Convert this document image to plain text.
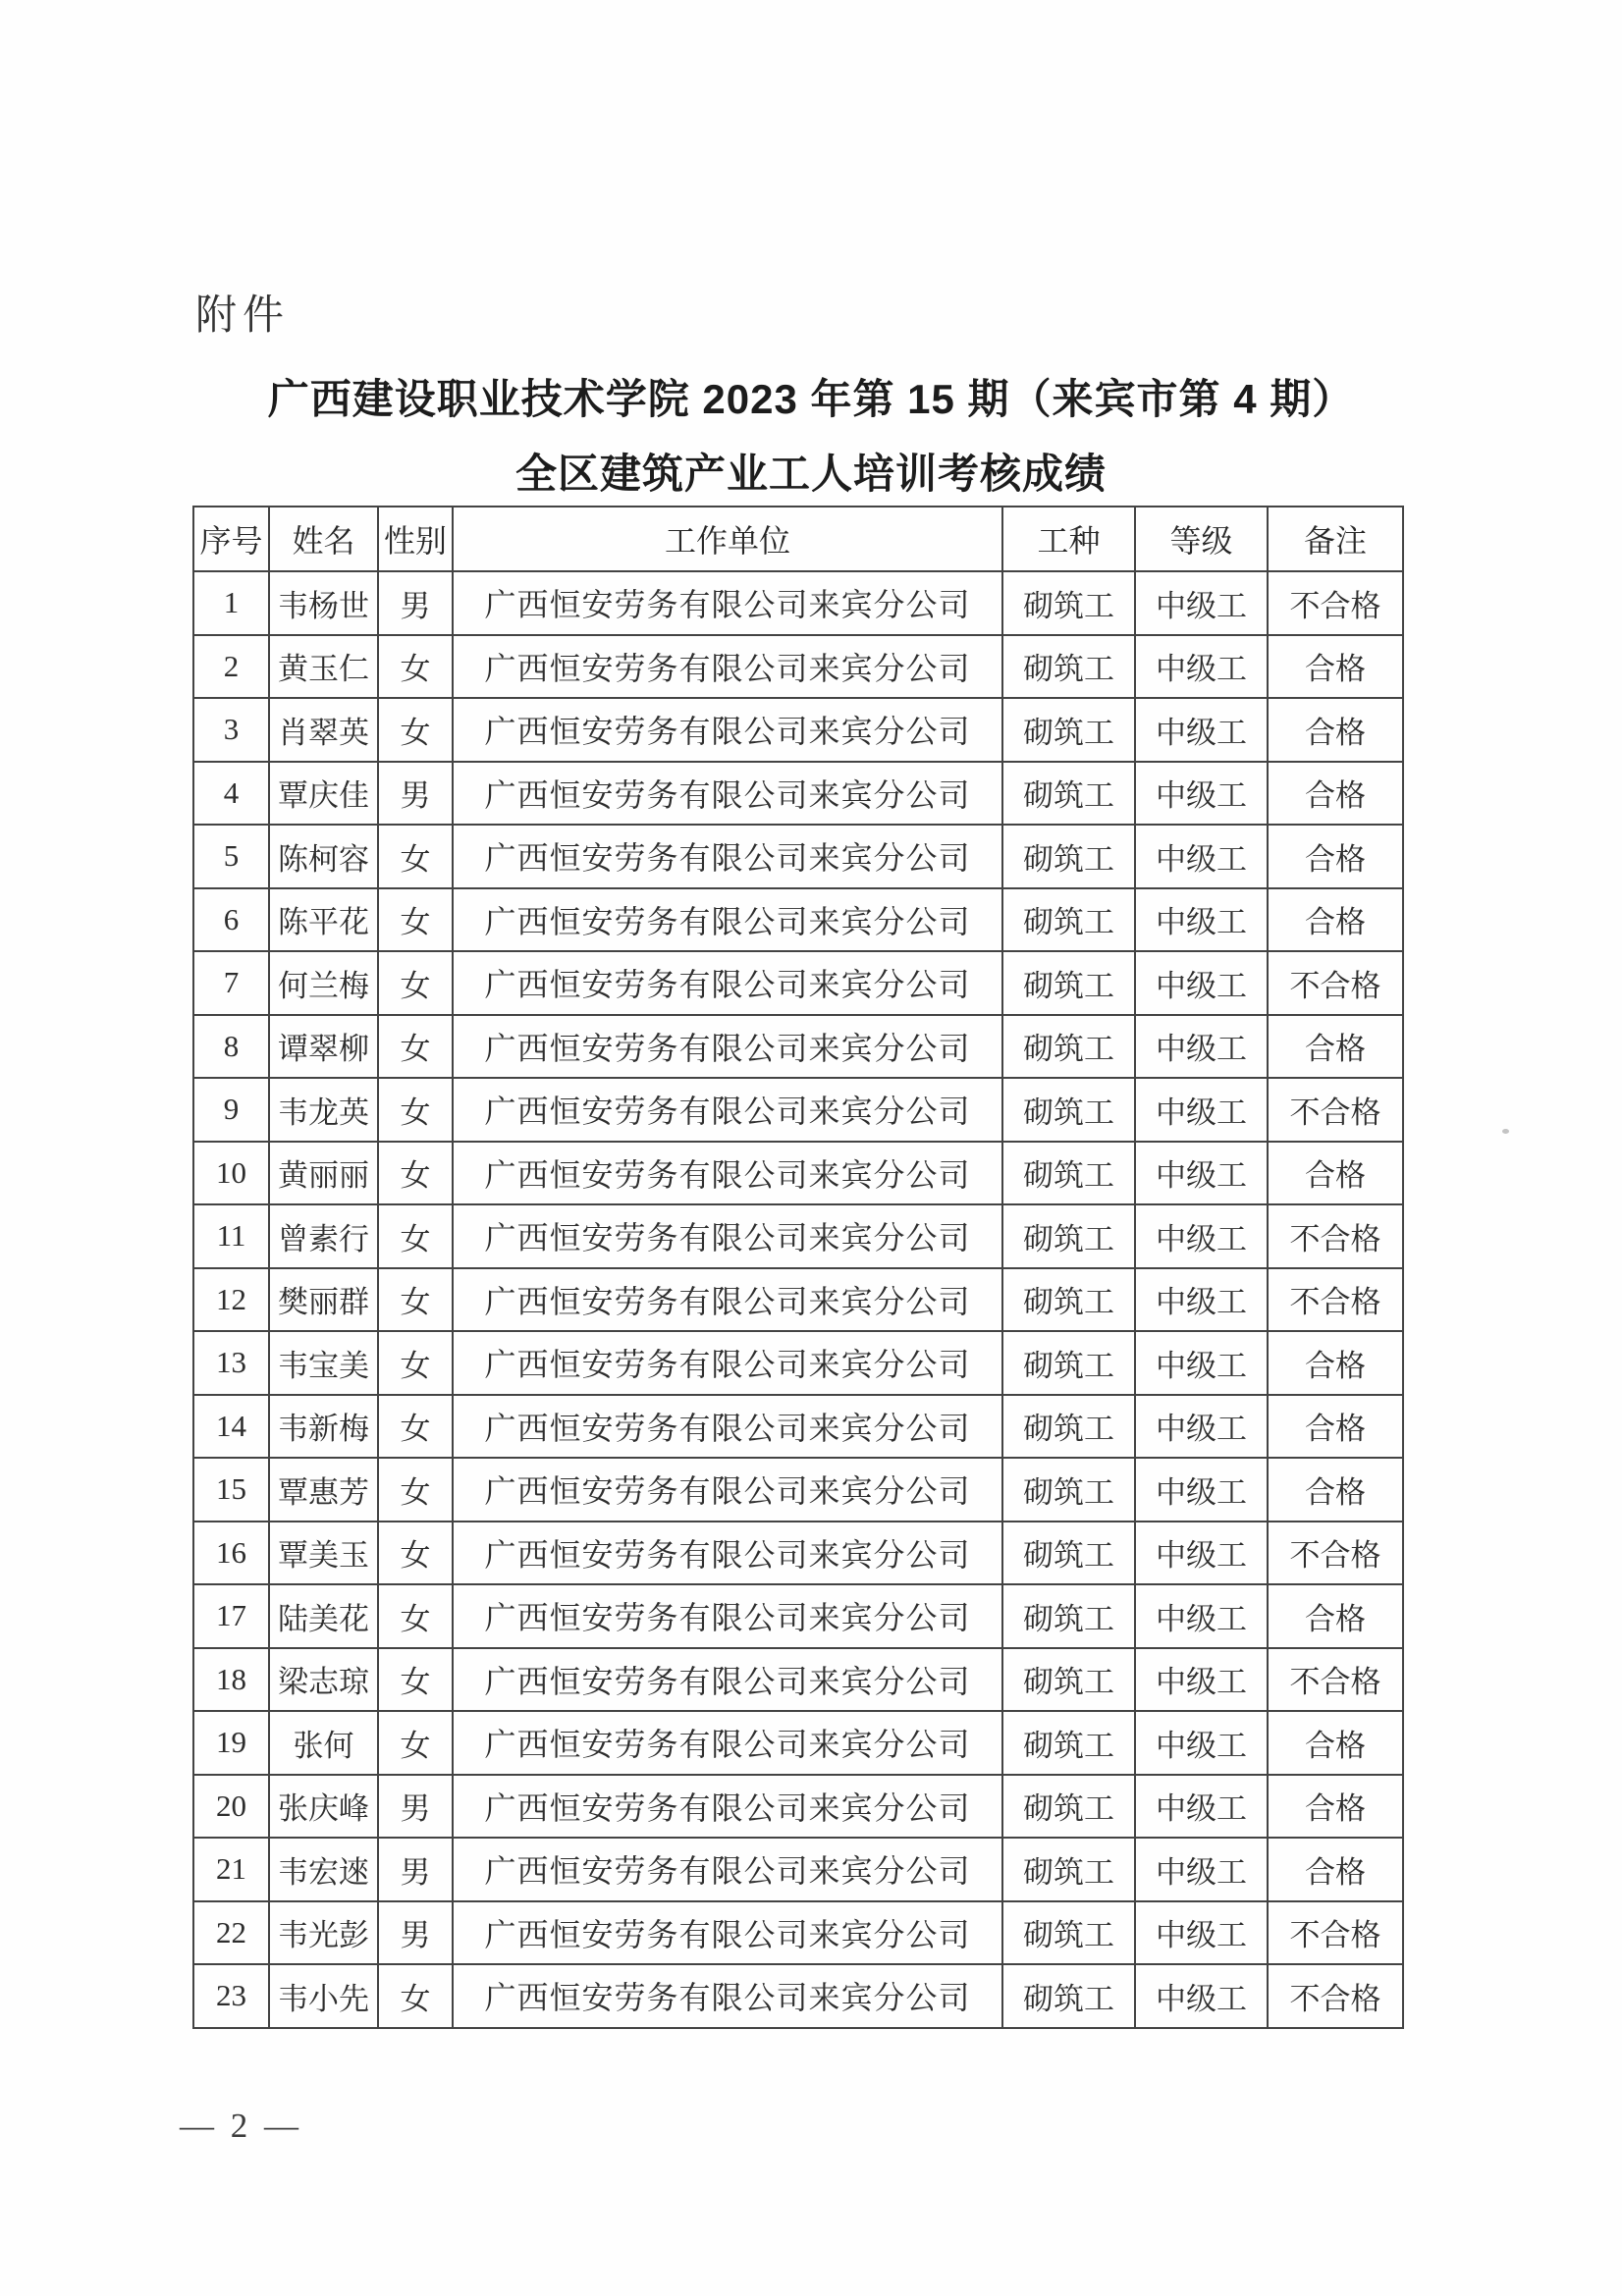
附件
广西建设职业技术学院 2023 年第 15 期（来宾市第 4 期）
全区建筑产业工人培训考核成绩
序号	姓名	性别	工作单位	工种	等级	备注
1	韦杨世	男	广西恒安劳务有限公司来宾分公司	砌筑工	中级工	不合格
2	黄玉仁	女	广西恒安劳务有限公司来宾分公司	砌筑工	中级工	合格
3	肖翠英	女	广西恒安劳务有限公司来宾分公司	砌筑工	中级工	合格
4	覃庆佳	男	广西恒安劳务有限公司来宾分公司	砌筑工	中级工	合格
5	陈柯容	女	广西恒安劳务有限公司来宾分公司	砌筑工	中级工	合格
6	陈平花	女	广西恒安劳务有限公司来宾分公司	砌筑工	中级工	合格
7	何兰梅	女	广西恒安劳务有限公司来宾分公司	砌筑工	中级工	不合格
8	谭翠柳	女	广西恒安劳务有限公司来宾分公司	砌筑工	中级工	合格
9	韦龙英	女	广西恒安劳务有限公司来宾分公司	砌筑工	中级工	不合格
10	黄丽丽	女	广西恒安劳务有限公司来宾分公司	砌筑工	中级工	合格
11	曾素行	女	广西恒安劳务有限公司来宾分公司	砌筑工	中级工	不合格
12	樊丽群	女	广西恒安劳务有限公司来宾分公司	砌筑工	中级工	不合格
13	韦宝美	女	广西恒安劳务有限公司来宾分公司	砌筑工	中级工	合格
14	韦新梅	女	广西恒安劳务有限公司来宾分公司	砌筑工	中级工	合格
15	覃惠芳	女	广西恒安劳务有限公司来宾分公司	砌筑工	中级工	合格
16	覃美玉	女	广西恒安劳务有限公司来宾分公司	砌筑工	中级工	不合格
17	陆美花	女	广西恒安劳务有限公司来宾分公司	砌筑工	中级工	合格
18	梁志琼	女	广西恒安劳务有限公司来宾分公司	砌筑工	中级工	不合格
19	张何	女	广西恒安劳务有限公司来宾分公司	砌筑工	中级工	合格
20	张庆峰	男	广西恒安劳务有限公司来宾分公司	砌筑工	中级工	合格
21	韦宏逨	男	广西恒安劳务有限公司来宾分公司	砌筑工	中级工	合格
22	韦光彭	男	广西恒安劳务有限公司来宾分公司	砌筑工	中级工	不合格
23	韦小先	女	广西恒安劳务有限公司来宾分公司	砌筑工	中级工	不合格
— 2 —
